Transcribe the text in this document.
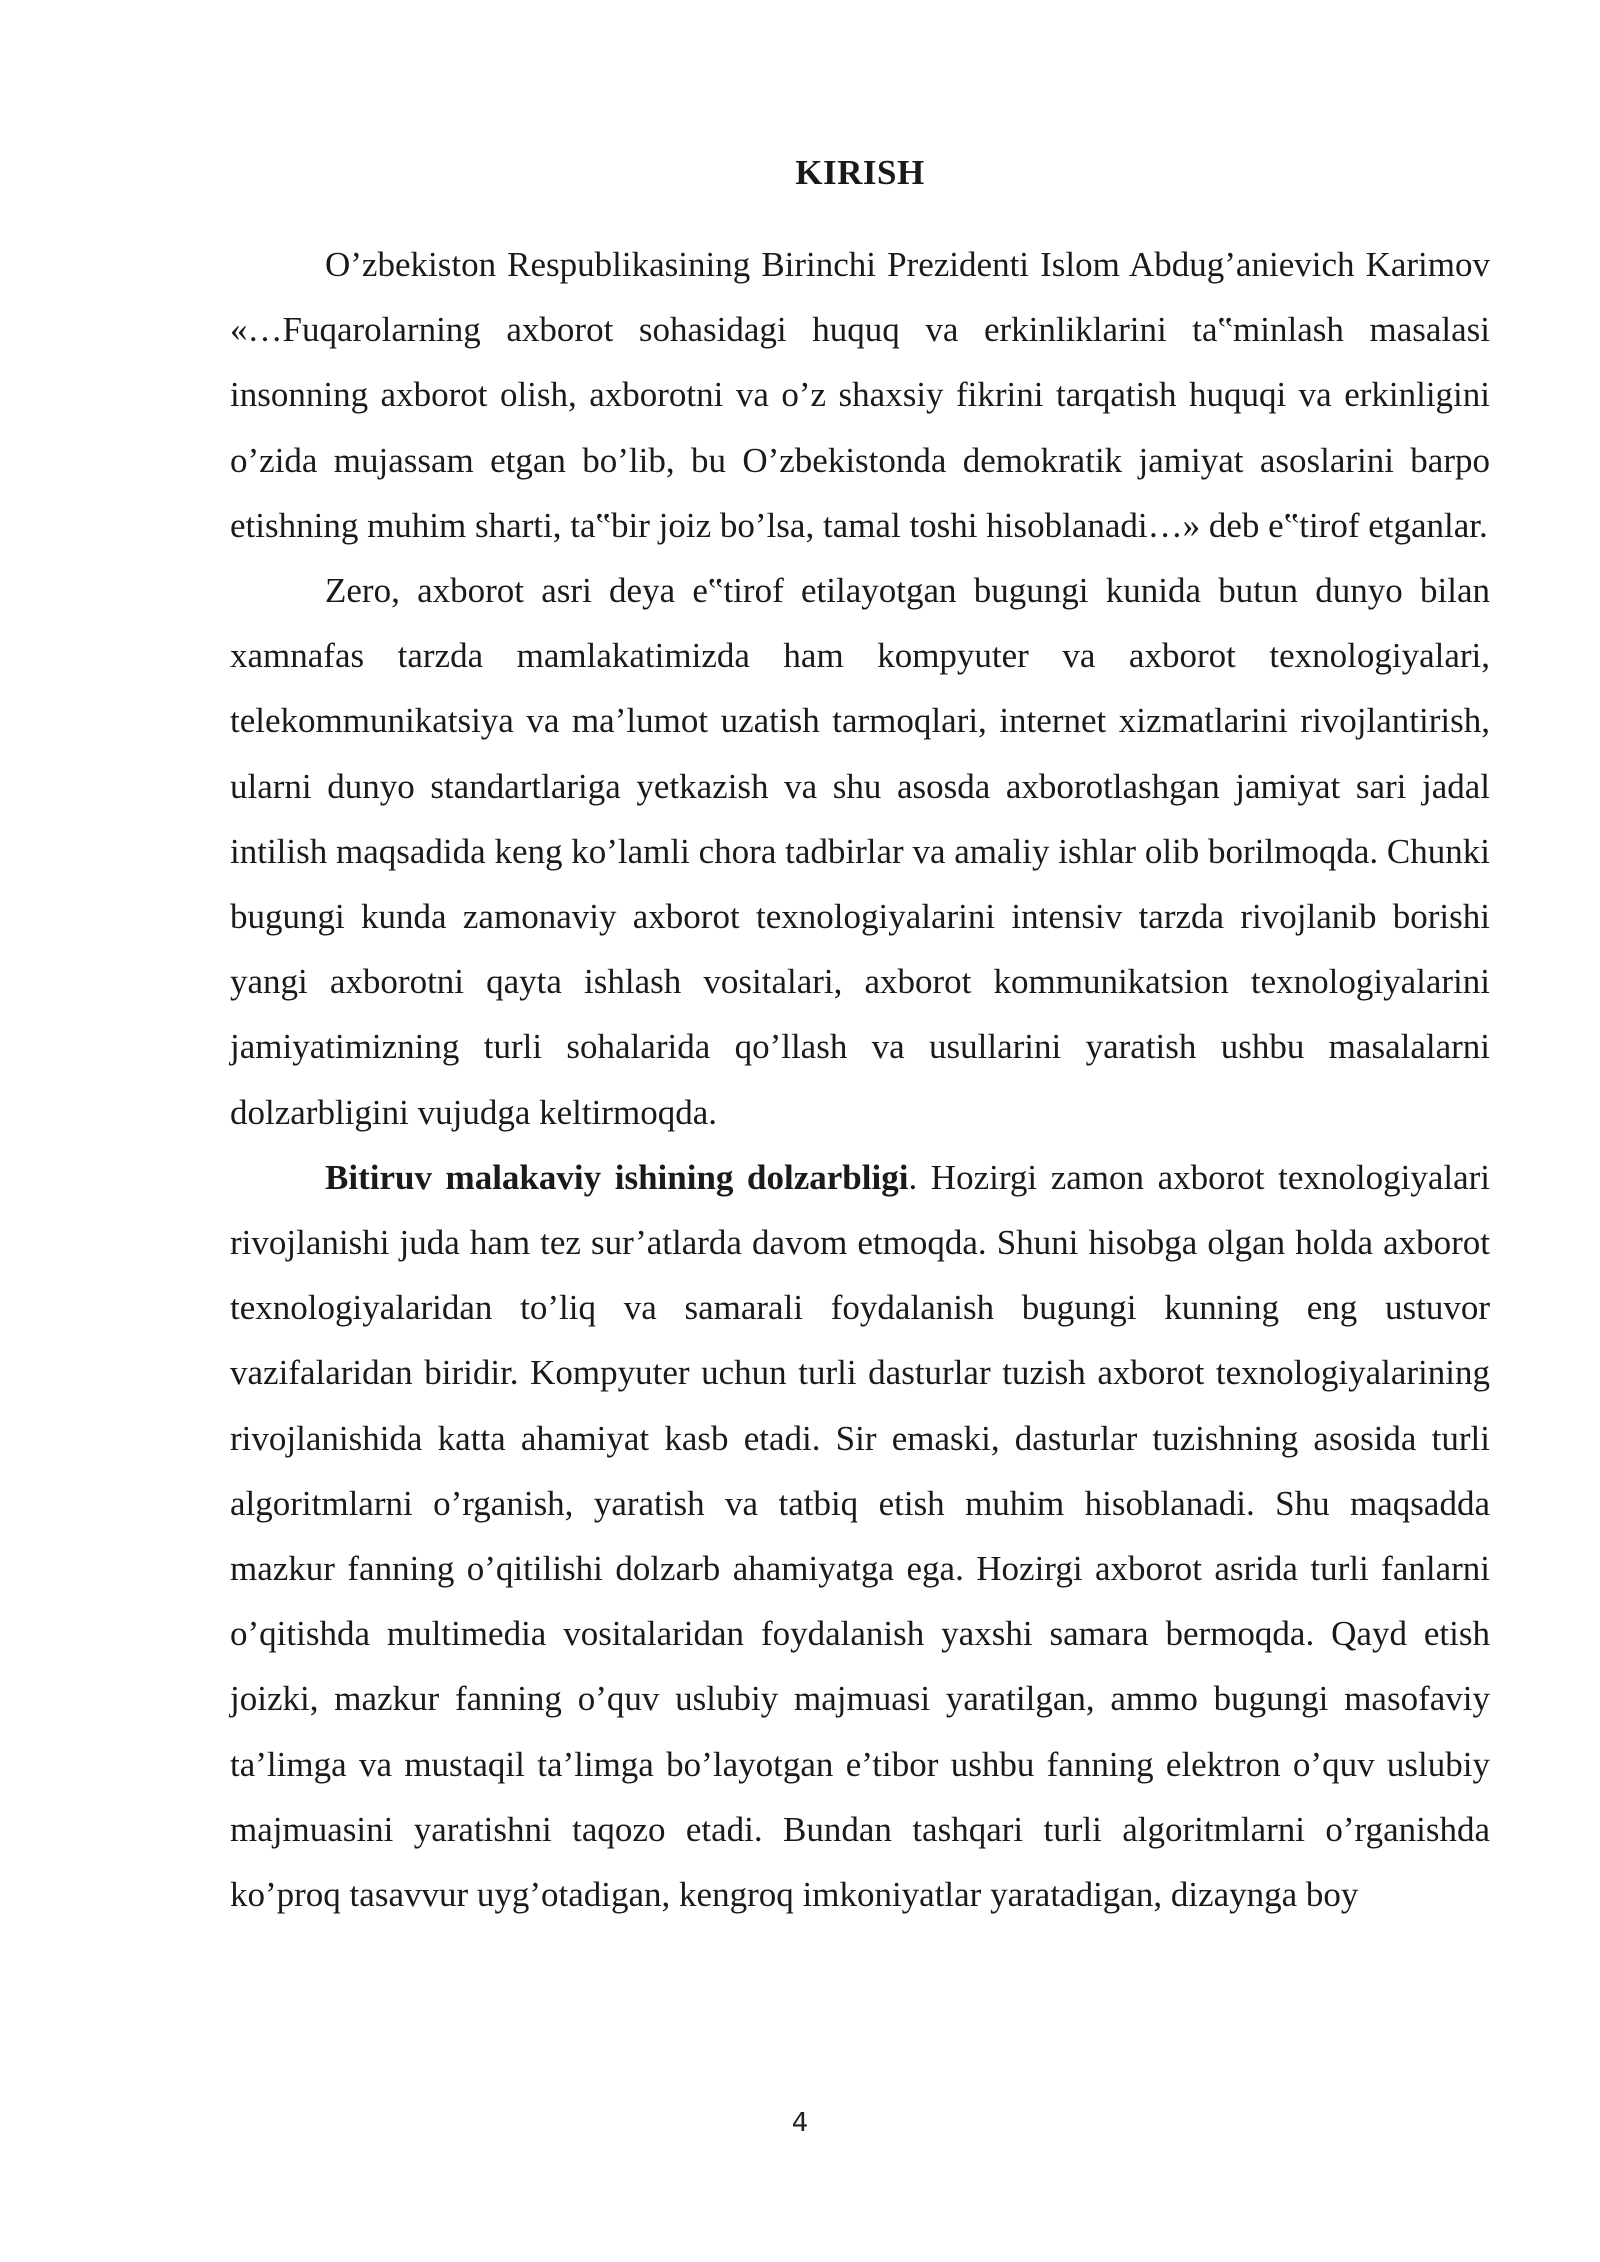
KIRISH

O’zbekiston Respublikasining Birinchi Prezidenti Islom Abdug’anievich Karimov «…Fuqarolarning axborot sohasidagi huquq va erkinliklarini ta‟minlash masalasi insonning axborot olish, axborotni va o’z shaxsiy fikrini tarqatish huquqi va erkinligini o’zida mujassam etgan bo’lib, bu O’zbekistonda demokratik jamiyat asoslarini barpo etishning muhim sharti, ta‟bir joiz bo’lsa, tamal toshi hisoblanadi…» deb e‟tirof etganlar.

Zero, axborot asri deya e‟tirof etilayotgan bugungi kunida butun dunyo bilan xamnafas tarzda mamlakatimizda ham kompyuter va axborot texnologiyalari, telekommunikatsiya va ma’lumot uzatish tarmoqlari, internet xizmatlarini rivojlantirish, ularni dunyo standartlariga yetkazish va shu asosda axborotlashgan jamiyat sari jadal intilish maqsadida keng ko’lamli chora tadbirlar va amaliy ishlar olib borilmoqda. Chunki bugungi kunda zamonaviy axborot texnologiyalarini intensiv tarzda rivojlanib borishi yangi axborotni qayta ishlash vositalari, axborot kommunikatsion texnologiyalarini jamiyatimizning turli sohalarida qo’llash va usullarini yaratish ushbu masalalarni dolzarbligini vujudga keltirmoqda.

Bitiruv malakaviy ishining dolzarbligi. Hozirgi zamon axborot texnologiyalari rivojlanishi juda ham tez sur’atlarda davom etmoqda. Shuni hisobga olgan holda axborot texnologiyalaridan to’liq va samarali foydalanish bugungi kunning eng ustuvor vazifalaridan biridir. Kompyuter uchun turli dasturlar tuzish axborot texnologiyalarining rivojlanishida katta ahamiyat kasb etadi. Sir emaski, dasturlar tuzishning asosida turli algoritmlarni o’rganish, yaratish va tatbiq etish muhim hisoblanadi. Shu maqsadda mazkur fanning o’qitilishi dolzarb ahamiyatga ega. Hozirgi axborot asrida turli fanlarni o’qitishda multimedia vositalaridan foydalanish yaxshi samara bermoqda. Qayd etish joizki, mazkur fanning o’quv uslubiy majmuasi yaratilgan, ammo bugungi masofaviy ta’limga va mustaqil ta’limga bo’layotgan e’tibor ushbu fanning elektron o’quv uslubiy majmuasini yaratishni taqozo etadi. Bundan tashqari turli algoritmlarni o’rganishda ko’proq tasavvur uyg’otadigan, kengroq imkoniyatlar yaratadigan, dizaynga boy

4
